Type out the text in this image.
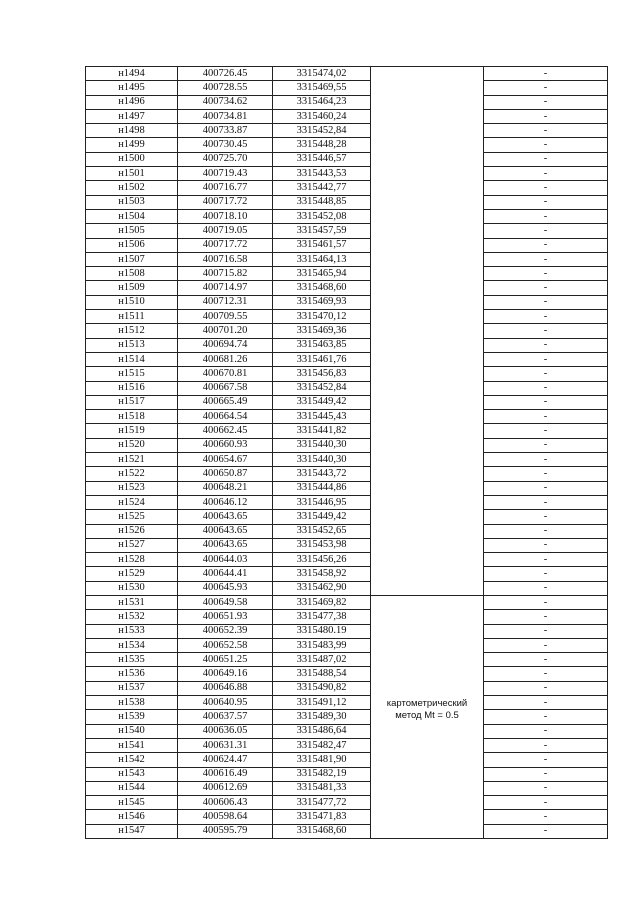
н1494	400726.45	3315474,02		-
н1495	400728.55	3315469,55		-
н1496	400734.62	3315464,23		-
н1497	400734.81	3315460,24		-
н1498	400733.87	3315452,84		-
н1499	400730.45	3315448,28		-
н1500	400725.70	3315446,57		-
н1501	400719.43	3315443,53		-
н1502	400716.77	3315442,77		-
н1503	400717.72	3315448,85		-
н1504	400718.10	3315452,08		-
н1505	400719.05	3315457,59		-
н1506	400717.72	3315461,57		-
н1507	400716.58	3315464,13		-
н1508	400715.82	3315465,94		-
н1509	400714.97	3315468,60		-
н1510	400712.31	3315469,93		-
н1511	400709.55	3315470,12		-
н1512	400701.20	3315469,36		-
н1513	400694.74	3315463,85		-
н1514	400681.26	3315461,76		-
н1515	400670.81	3315456,83		-
н1516	400667.58	3315452,84		-
н1517	400665.49	3315449,42		-
н1518	400664.54	3315445,43		-
н1519	400662.45	3315441,82		-
н1520	400660.93	3315440,30		-
н1521	400654.67	3315440,30		-
н1522	400650.87	3315443,72		-
н1523	400648.21	3315444,86		-
н1524	400646.12	3315446,95		-
н1525	400643.65	3315449,42		-
н1526	400643.65	3315452,65		-
н1527	400643.65	3315453,98		-
н1528	400644.03	3315456,26		-
н1529	400644.41	3315458,92		-
н1530	400645.93	3315462,90		-
н1531	400649.58	3315469,82		-
н1532	400651.93	3315477,38		-
н1533	400652.39	3315480.19		-
н1534	400652.58	3315483,99		-
н1535	400651.25	3315487,02		-
н1536	400649.16	3315488,54		-
н1537	400646.88	3315490,82		-
н1538	400640.95	3315491,12	картометрический
метод Mt = 0.5	-
н1539	400637.57	3315489,30		-
н1540	400636.05	3315486,64		-
н1541	400631.31	3315482,47		-
н1542	400624.47	3315481,90		-
н1543	400616.49	3315482,19		-
н1544	400612.69	3315481,33		-
н1545	400606.43	3315477,72		-
н1546	400598.64	3315471,83		-
н1547	400595.79	3315468,60		-
